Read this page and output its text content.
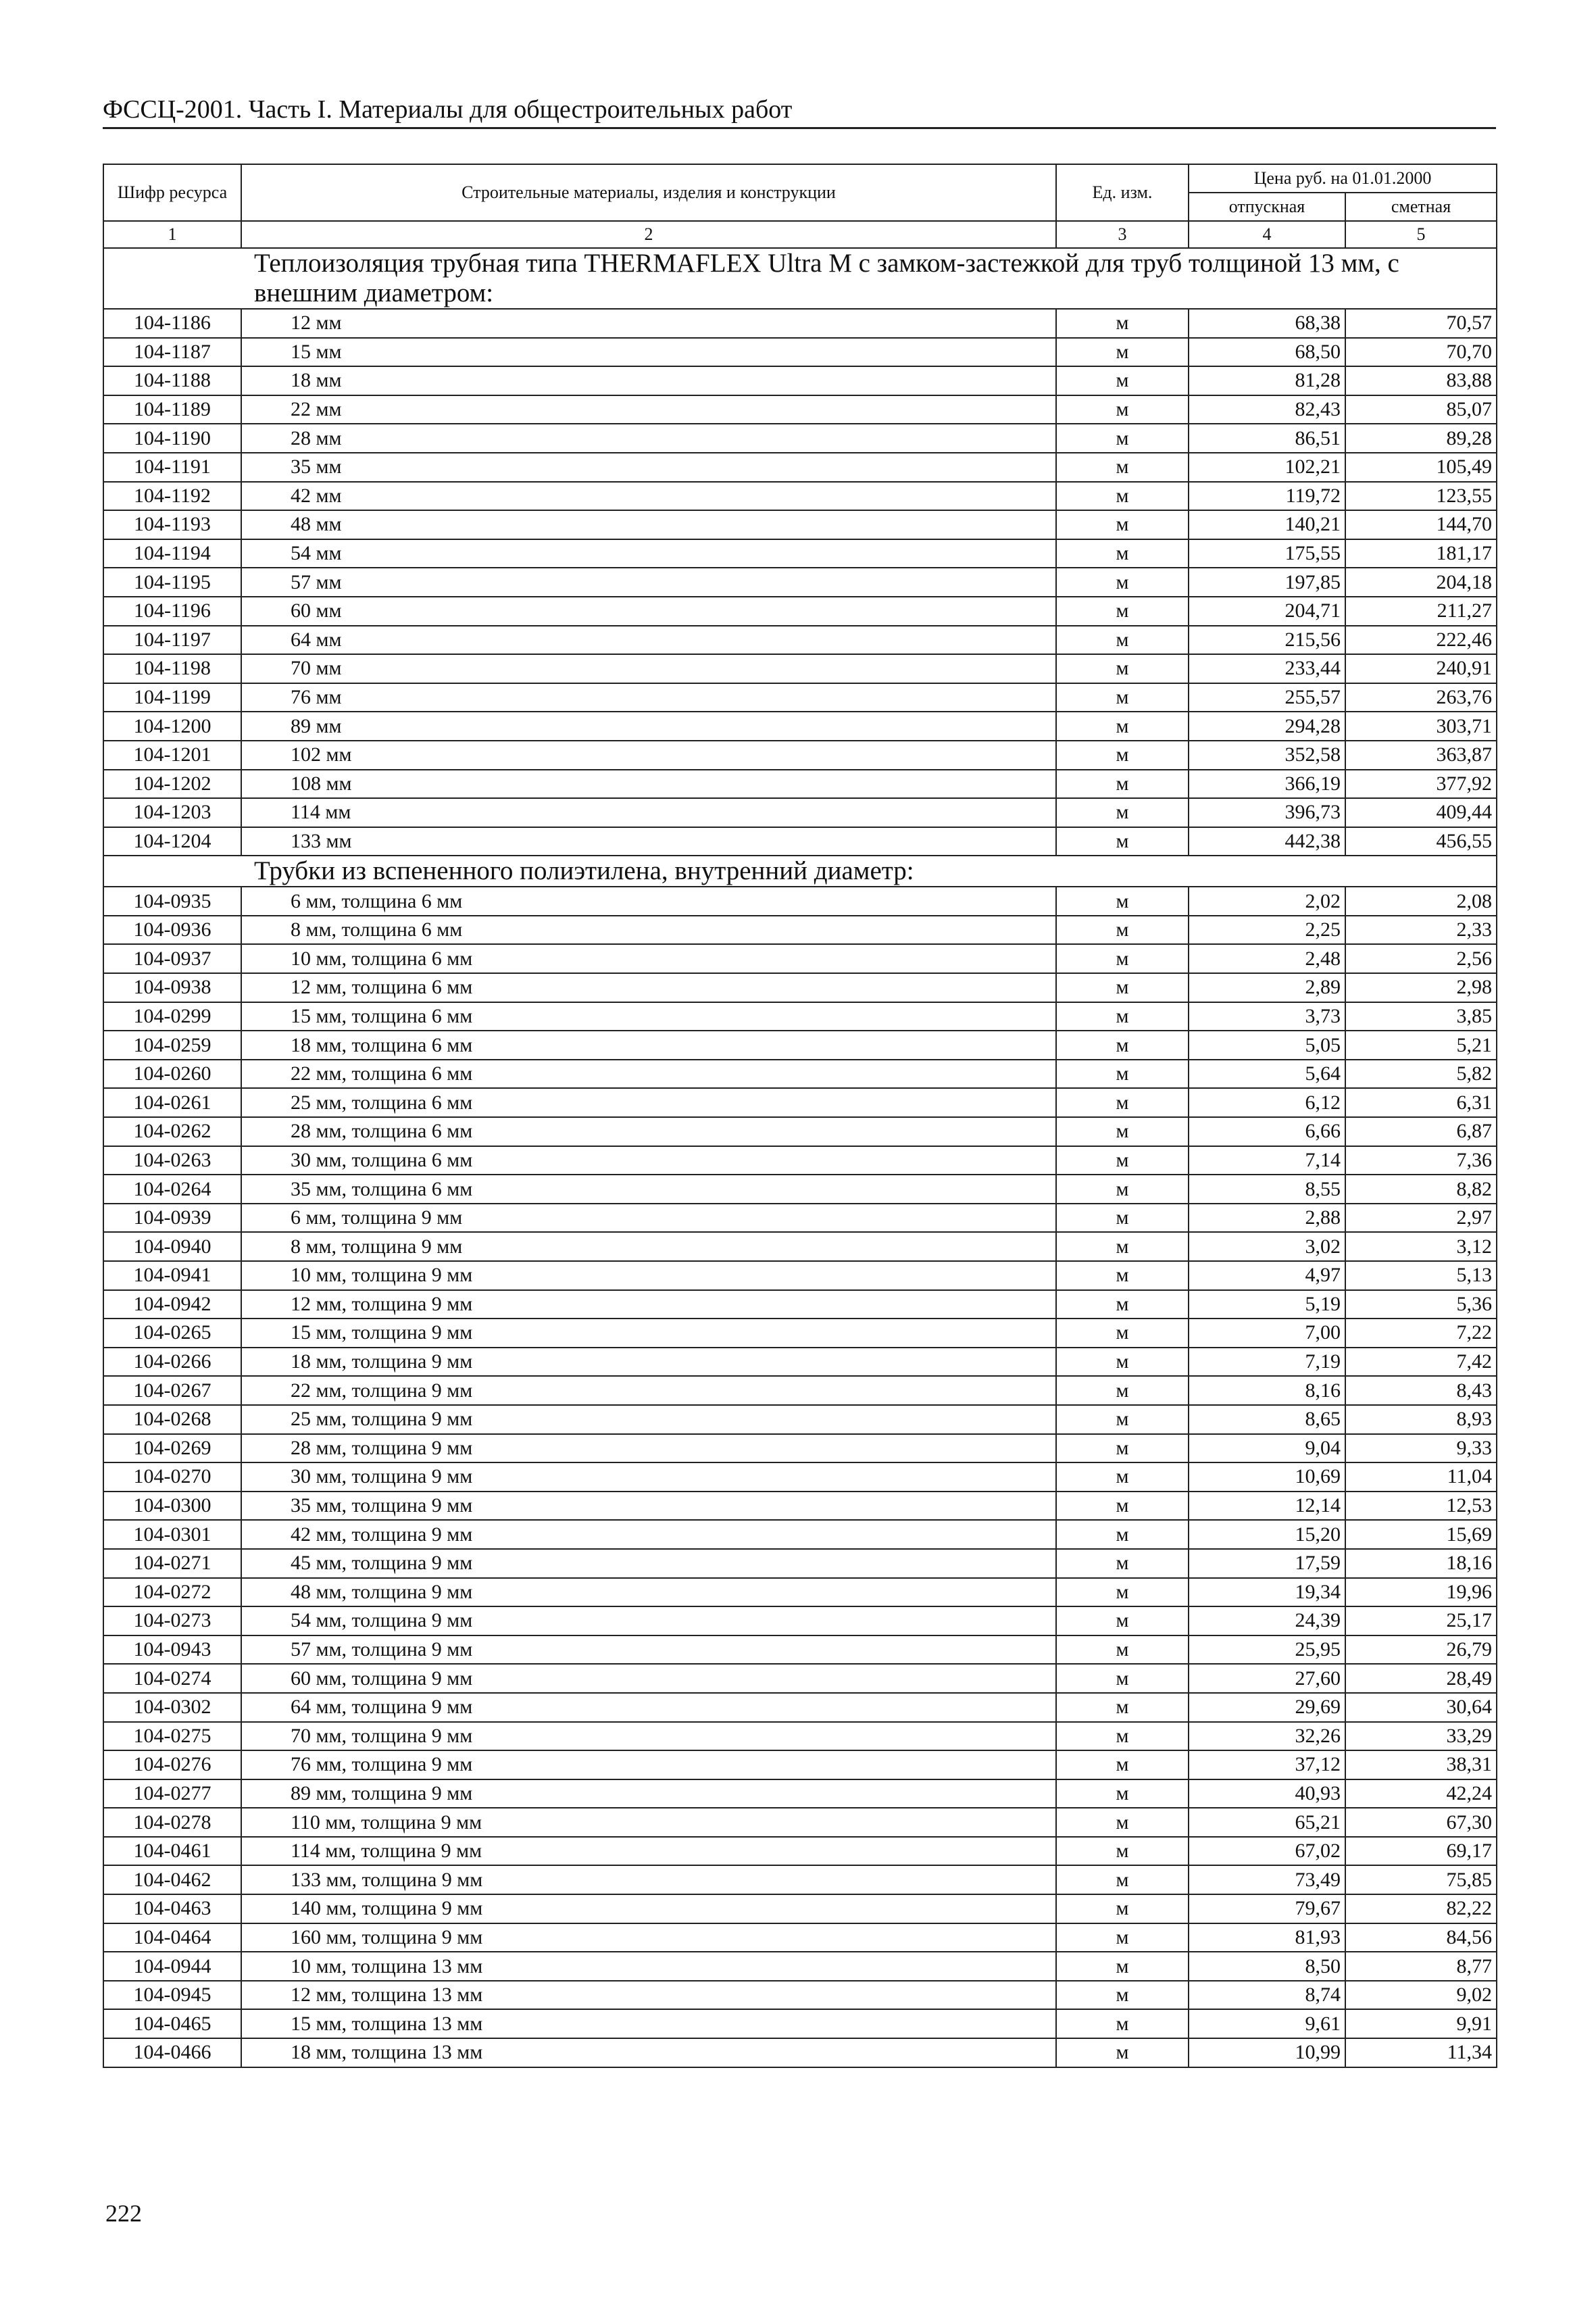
ФССЦ-2001. Часть I. Материалы для общестроительных работ
Шифр ресурса	Строительные материалы, изделия и конструкции	Ед. изм.	Цена руб. на 01.01.2000	
			отпускная	сметная
1	2	3	4	5
Теплоизоляция трубная типа THERMAFLEX Ultra M с замком-застежкой для труб толщиной 13 мм, с внешним диаметром:				
104-1186	12 мм	м	68,38	70,57
104-1187	15 мм	м	68,50	70,70
104-1188	18 мм	м	81,28	83,88
104-1189	22 мм	м	82,43	85,07
104-1190	28 мм	м	86,51	89,28
104-1191	35 мм	м	102,21	105,49
104-1192	42 мм	м	119,72	123,55
104-1193	48 мм	м	140,21	144,70
104-1194	54 мм	м	175,55	181,17
104-1195	57 мм	м	197,85	204,18
104-1196	60 мм	м	204,71	211,27
104-1197	64 мм	м	215,56	222,46
104-1198	70 мм	м	233,44	240,91
104-1199	76 мм	м	255,57	263,76
104-1200	89 мм	м	294,28	303,71
104-1201	102 мм	м	352,58	363,87
104-1202	108 мм	м	366,19	377,92
104-1203	114 мм	м	396,73	409,44
104-1204	133 мм	м	442,38	456,55
Трубки из вспененного полиэтилена, внутренний диаметр:				
104-0935	6 мм, толщина 6 мм	м	2,02	2,08
104-0936	8 мм, толщина 6 мм	м	2,25	2,33
104-0937	10 мм, толщина 6 мм	м	2,48	2,56
104-0938	12 мм, толщина 6 мм	м	2,89	2,98
104-0299	15 мм, толщина 6 мм	м	3,73	3,85
104-0259	18 мм, толщина 6 мм	м	5,05	5,21
104-0260	22 мм, толщина 6 мм	м	5,64	5,82
104-0261	25 мм, толщина 6 мм	м	6,12	6,31
104-0262	28 мм, толщина 6 мм	м	6,66	6,87
104-0263	30 мм, толщина 6 мм	м	7,14	7,36
104-0264	35 мм, толщина 6 мм	м	8,55	8,82
104-0939	6 мм, толщина 9 мм	м	2,88	2,97
104-0940	8 мм, толщина 9 мм	м	3,02	3,12
104-0941	10 мм, толщина 9 мм	м	4,97	5,13
104-0942	12 мм, толщина 9 мм	м	5,19	5,36
104-0265	15 мм, толщина 9 мм	м	7,00	7,22
104-0266	18 мм, толщина 9 мм	м	7,19	7,42
104-0267	22 мм, толщина 9 мм	м	8,16	8,43
104-0268	25 мм, толщина 9 мм	м	8,65	8,93
104-0269	28 мм, толщина 9 мм	м	9,04	9,33
104-0270	30 мм, толщина 9 мм	м	10,69	11,04
104-0300	35 мм, толщина 9 мм	м	12,14	12,53
104-0301	42 мм, толщина 9 мм	м	15,20	15,69
104-0271	45 мм, толщина 9 мм	м	17,59	18,16
104-0272	48 мм, толщина 9 мм	м	19,34	19,96
104-0273	54 мм, толщина 9 мм	м	24,39	25,17
104-0943	57 мм, толщина 9 мм	м	25,95	26,79
104-0274	60 мм, толщина 9 мм	м	27,60	28,49
104-0302	64 мм, толщина 9 мм	м	29,69	30,64
104-0275	70 мм, толщина 9 мм	м	32,26	33,29
104-0276	76 мм, толщина 9 мм	м	37,12	38,31
104-0277	89 мм, толщина 9 мм	м	40,93	42,24
104-0278	110 мм, толщина 9 мм	м	65,21	67,30
104-0461	114 мм, толщина 9 мм	м	67,02	69,17
104-0462	133 мм, толщина 9 мм	м	73,49	75,85
104-0463	140 мм, толщина 9 мм	м	79,67	82,22
104-0464	160 мм, толщина 9 мм	м	81,93	84,56
104-0944	10 мм, толщина 13 мм	м	8,50	8,77
104-0945	12 мм, толщина 13 мм	м	8,74	9,02
104-0465	15 мм, толщина 13 мм	м	9,61	9,91
104-0466	18 мм, толщина 13 мм	м	10,99	11,34
222
